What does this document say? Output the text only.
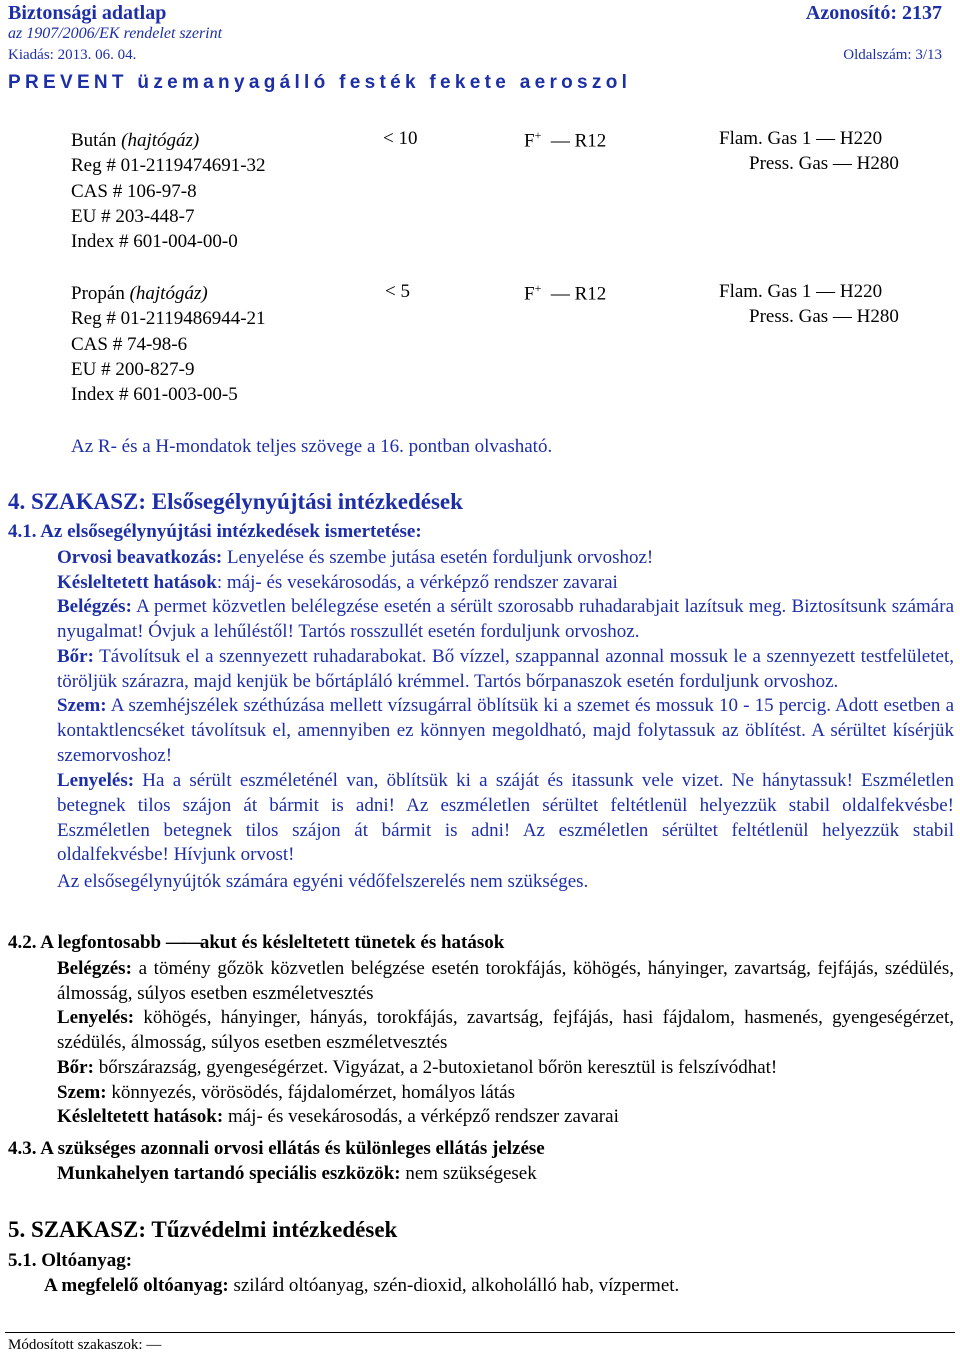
Biztonsági adatlap	Azonosító: 2137
az 1907/2006/EK rendelet szerint
Kiadás: 2013. 06. 04.	Oldalszám: 3/13
PREVENT üzemanyagálló festék fekete aeroszol
Bután (hajtógáz)
Reg # 01-2119474691-32
CAS # 106-97-8
EU # 203-448-7
Index # 601-004-00-0
< 10	F+ — R12	Flam. Gas 1 — H220
Press. Gas — H280
Propán (hajtógáz)
Reg # 01-2119486944-21
CAS # 74-98-6
EU # 200-827-9
Index # 601-003-00-5
< 5	F+  — R12	Flam. Gas 1 — H220
Press. Gas — H280
Az R- és a H-mondatok teljes szövege a 16. pontban olvasható.
4. SZAKASZ: Elsősegélynyújtási intézkedések
4.1. Az elsősegélynyújtási intézkedések ismertetése:

Orvosi beavatkozás: Lenyelése és szembe jutása esetén forduljunk orvoshoz!

Késleltetett hatások: máj- és vesekárosodás, a vérképző rendszer zavarai

Belégzés: A permet közvetlen belélegzése esetén a sérült szorosabb ruhadarabjait lazítsuk meg. Biztosítsunk számára nyugalmat! Óvjuk a lehűléstől! Tartós rosszullét esetén forduljunk orvoshoz.

Bőr: Távolítsuk el a szennyezett ruhadarabokat. Bő vízzel, szappannal azonnal mossuk le a szennyezett testfelületet, töröljük szárazra, majd kenjük be bőrtápláló krémmel. Tartós bőrpanaszok esetén forduljunk orvoshoz.

Szem: A szemhéjszélek széthúzása mellett vízsugárral öblítsük ki a szemet és mossuk 10 - 15 percig. Adott esetben a kontaktlencséket távolítsuk el, amennyiben ez könnyen megoldható, majd folytassuk az öblítést. A sérültet kísérjük szemorvoshoz!

Lenyelés: Ha a sérült eszméleténél van, öblítsük ki a száját és itassunk vele vizet. Ne hánytassuk! Eszméletlen betegnek tilos szájon át bármit is adni! Az eszméletlen sérültet feltétlenül helyezzük stabil oldalfekvésbe! Eszméletlen betegnek tilos szájon át bármit is adni! Az eszméletlen sérültet feltétlenül helyezzük stabil oldalfekvésbe! Hívjunk orvost!

Az elsősegélynyújtók számára egyéni védőfelszerelés nem szükséges.

4.2. A legfontosabb ——akut és késleltetett tünetek és hatások

Belégzés: a tömény gőzök közvetlen belégzése esetén torokfájás, köhögés, hányinger, zavartság, fejfájás, szédülés, álmosság, súlyos esetben eszméletvesztés

Lenyelés: köhögés, hányinger, hányás, torokfájás, zavartság, fejfájás, hasi fájdalom, hasmenés, gyengeségérzet, szédülés, álmosság, súlyos esetben eszméletvesztés

Bőr: bőrszárazság, gyengeségérzet. Vigyázat, a 2-butoxietanol bőrön keresztül is felszívódhat!

Szem: könnyezés, vörösödés, fájdalomérzet, homályos látás

Késleltetett hatások: máj- és vesekárosodás, a vérképző rendszer zavarai

4.3. A szükséges azonnali orvosi ellátás és különleges ellátás jelzése
Munkahelyen tartandó speciális eszközök: nem szükségesek
5. SZAKASZ: Tűzvédelmi intézkedések
5.1. Oltóanyag:
A megfelelő oltóanyag: szilárd oltóanyag, szén-dioxid, alkoholálló hab, vízpermet.
Módosított szakaszok: —
